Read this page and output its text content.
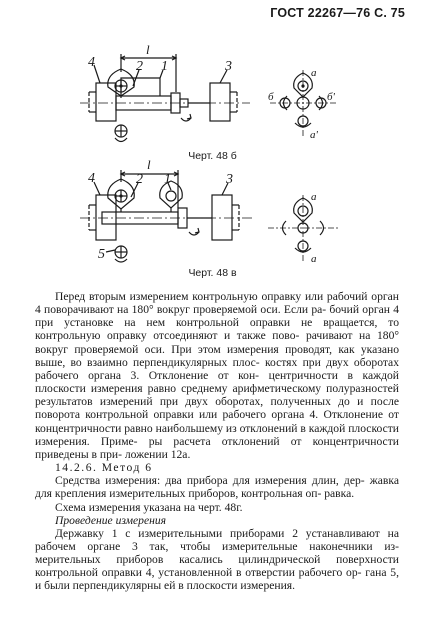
ГОСТ 22267—76 С. 75
4	2 1	3
l
а
б	б'
а'
Черт. 48 б
4	2 1	3
5
l
а
а
Черт. 48 в

Перед вторым измерением контрольную оправку или рабочий орган 4 поворачивают на 180° вокруг проверяемой оси. Если ра- бочий орган 4 при установке на нем контрольной оправки не вращается, то контрольную оправку отсоединяют и также пово- рачивают на 180° вокруг проверяемой оси. При этом измерения проводят, как указано выше, во взаимно перпендикулярных плос- костях при двух оборотах рабочего органа 3. Отклонение от кон- центричности в каждой плоскости измерения равно среднему арифметическому полуразностей результатов измерений при двух оборотах, полученных до и после поворота контрольной оправки или рабочего органа 4. Отклонение от концентричности равно наибольшему из отклонений в каждой плоскости измерения. Приме- ры расчета отклонений от концентричности приведены в при- ложении 12а.

14.2.6. Метод 6

Средства измерения: два прибора для измерения длин, дер- жавка для крепления измерительных приборов, контрольная оп- равка.

Схема измерения указана на черт. 48г.

Проведение измерения

Державку 1 с измерительными приборами 2 устанавливают на рабочем органе 3 так, чтобы измерительные наконечники из- мерительных приборов касались цилиндрической поверхности контрольной оправки 4, установленной в отверстии рабочего ор- гана 5, и были перпендикулярны ей в плоскости измерения.
